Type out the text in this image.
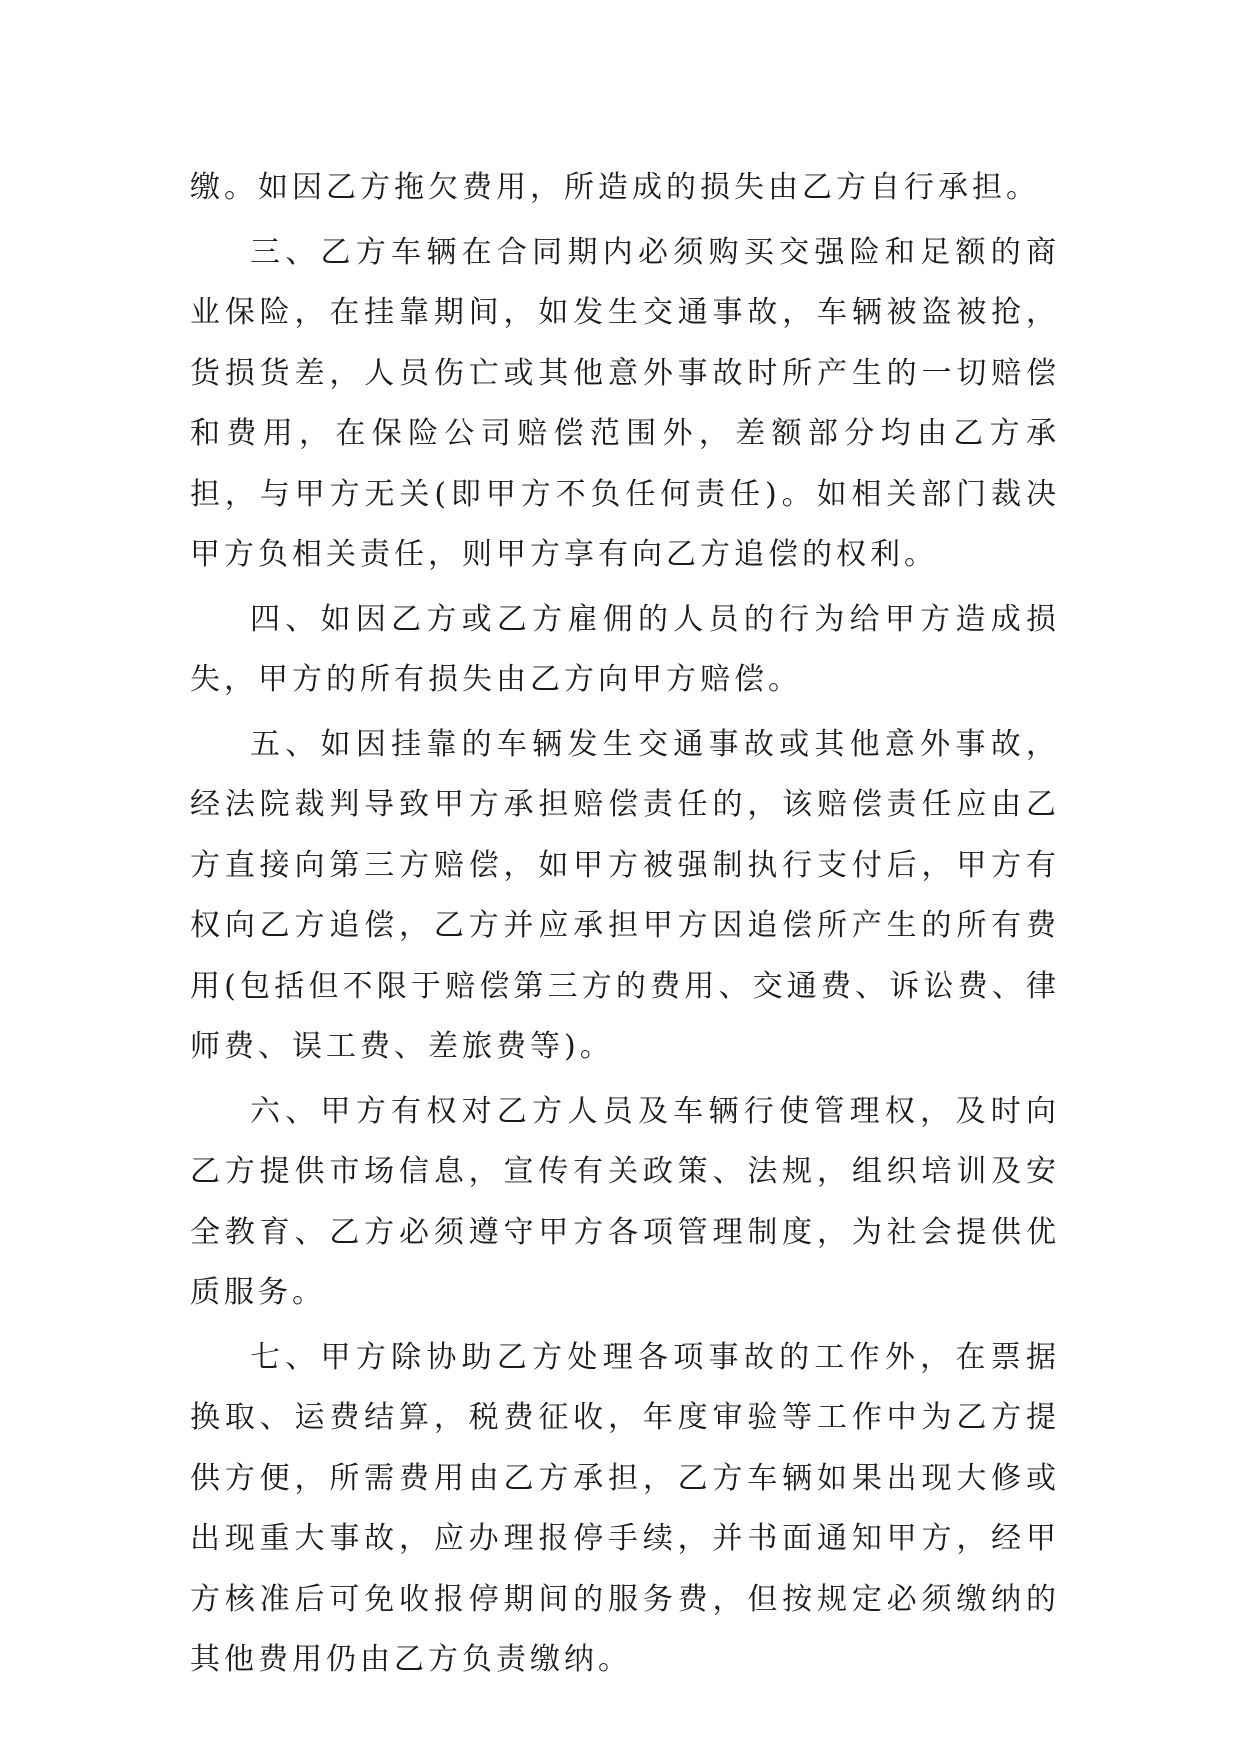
缴。如因乙方拖欠费用，所造成的损失由乙方自行承担。

三、乙方车辆在合同期内必须购买交强险和足额的商业保险，在挂靠期间，如发生交通事故，车辆被盗被抢，货损货差，人员伤亡或其他意外事故时所产生的一切赔偿和费用，在保险公司赔偿范围外，差额部分均由乙方承担，与甲方无关(即甲方不负任何责任)。如相关部门裁决甲方负相关责任，则甲方享有向乙方追偿的权利。

四、如因乙方或乙方雇佣的人员的行为给甲方造成损失，甲方的所有损失由乙方向甲方赔偿。

五、如因挂靠的车辆发生交通事故或其他意外事故，经法院裁判导致甲方承担赔偿责任的，该赔偿责任应由乙方直接向第三方赔偿，如甲方被强制执行支付后，甲方有权向乙方追偿，乙方并应承担甲方因追偿所产生的所有费用(包括但不限于赔偿第三方的费用、交通费、诉讼费、律师费、误工费、差旅费等)。

六、甲方有权对乙方人员及车辆行使管理权，及时向乙方提供市场信息，宣传有关政策、法规，组织培训及安全教育、乙方必须遵守甲方各项管理制度，为社会提供优质服务。

七、甲方除协助乙方处理各项事故的工作外，在票据换取、运费结算，税费征收，年度审验等工作中为乙方提供方便，所需费用由乙方承担，乙方车辆如果出现大修或出现重大事故，应办理报停手续，并书面通知甲方，经甲方核准后可免收报停期间的服务费，但按规定必须缴纳的其他费用仍由乙方负责缴纳。
